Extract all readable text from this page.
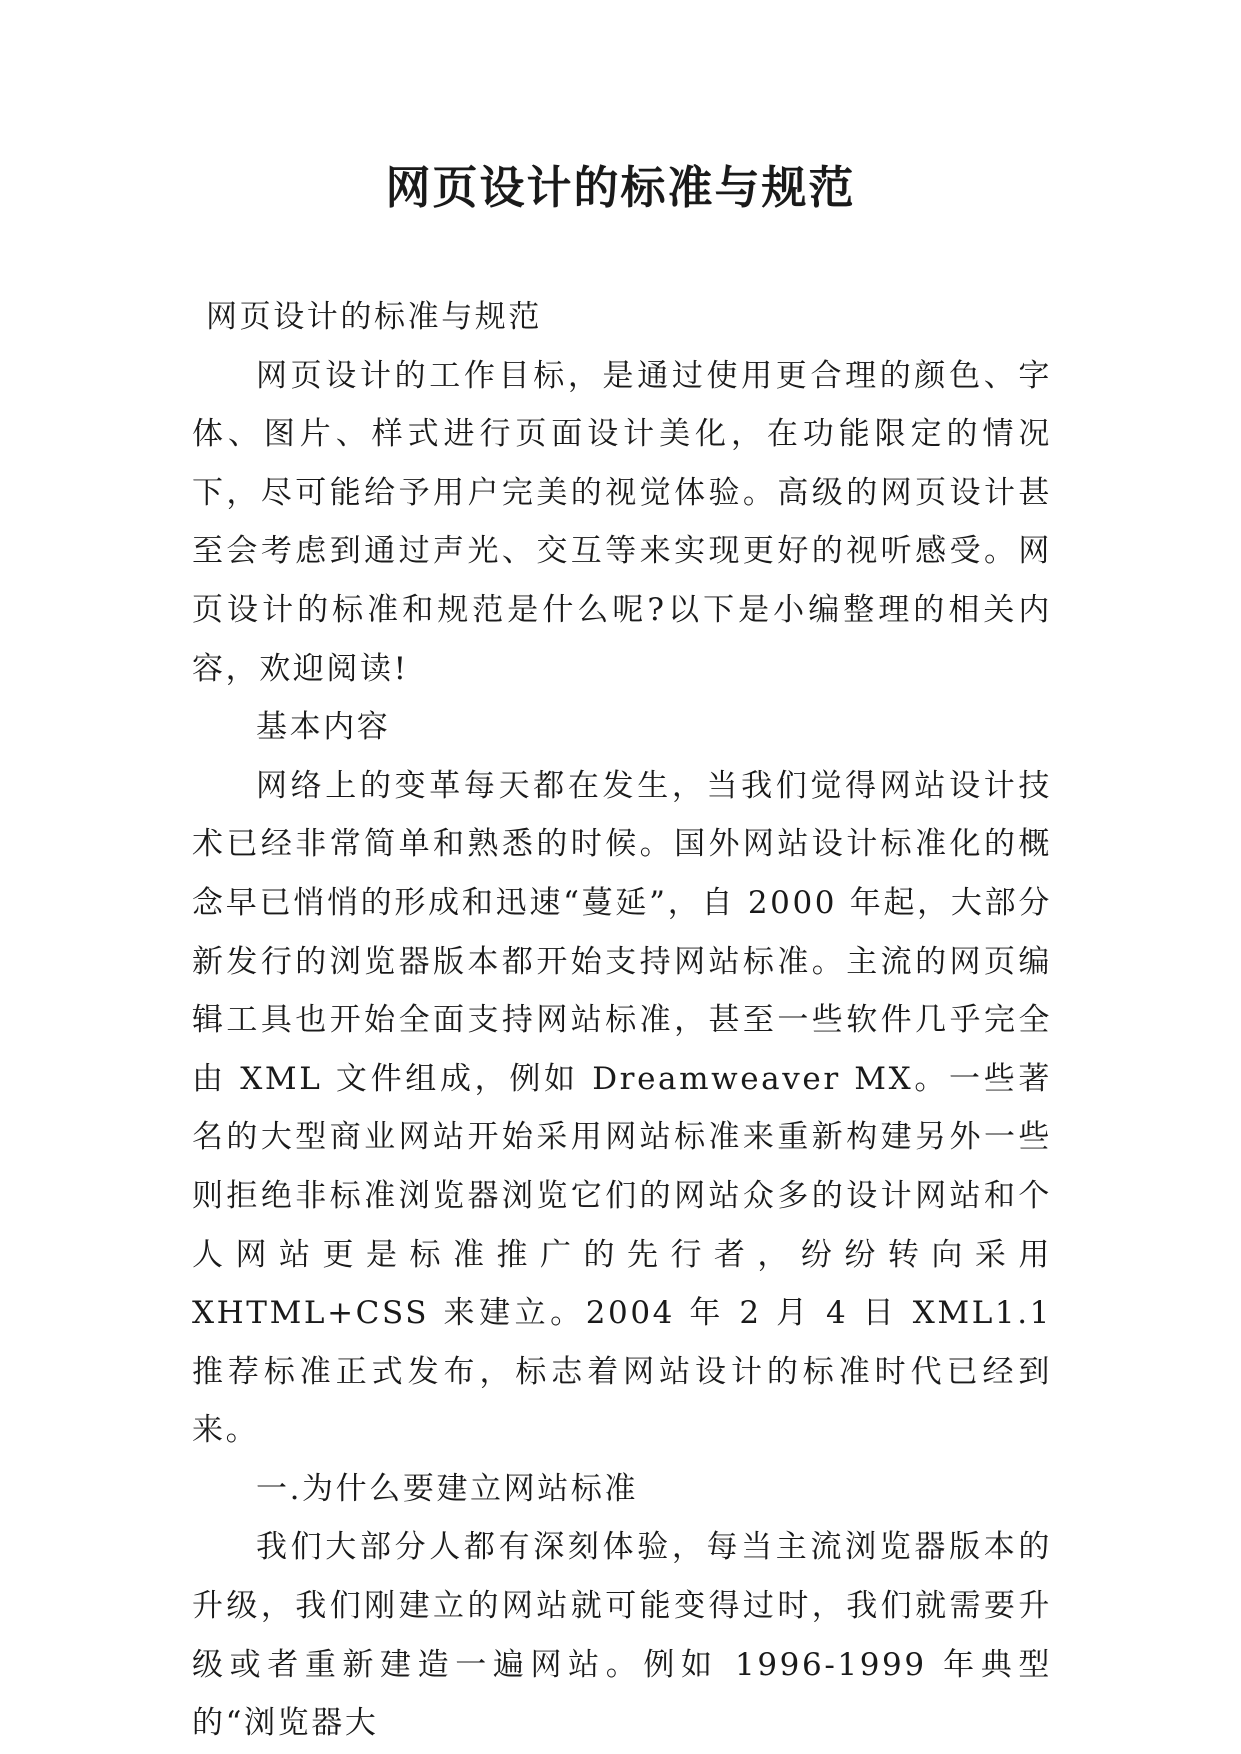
网页设计的标准与规范

网页设计的标准与规范

网页设计的工作目标，是通过使用更合理的颜色、字体、图片、样式进行页面设计美化，在功能限定的情况下，尽可能给予用户完美的视觉体验。高级的网页设计甚至会考虑到通过声光、交互等来实现更好的视听感受。网页设计的标准和规范是什么呢?以下是小编整理的相关内容，欢迎阅读!

基本内容

网络上的变革每天都在发生，当我们觉得网站设计技术已经非常简单和熟悉的时候。国外网站设计标准化的概念早已悄悄的形成和迅速“蔓延”，自 2000 年起，大部分新发行的浏览器版本都开始支持网站标准。主流的网页编辑工具也开始全面支持网站标准，甚至一些软件几乎完全由 XML 文件组成，例如 Dreamweaver MX。一些著名的大型商业网站开始采用网站标准来重新构建另外一些则拒绝非标准浏览器浏览它们的网站众多的设计网站和个人网站更是标准推广的先行者，纷纷转向采用 XHTML+CSS 来建立。2004 年 2 月 4 日 XML1.1 推荐标准正式发布，标志着网站设计的标准时代已经到来。

一.为什么要建立网站标准

我们大部分人都有深刻体验，每当主流浏览器版本的升级，我们刚建立的网站就可能变得过时，我们就需要升级或者重新建造一遍网站。例如 1996-1999 年典型的“浏览器大
